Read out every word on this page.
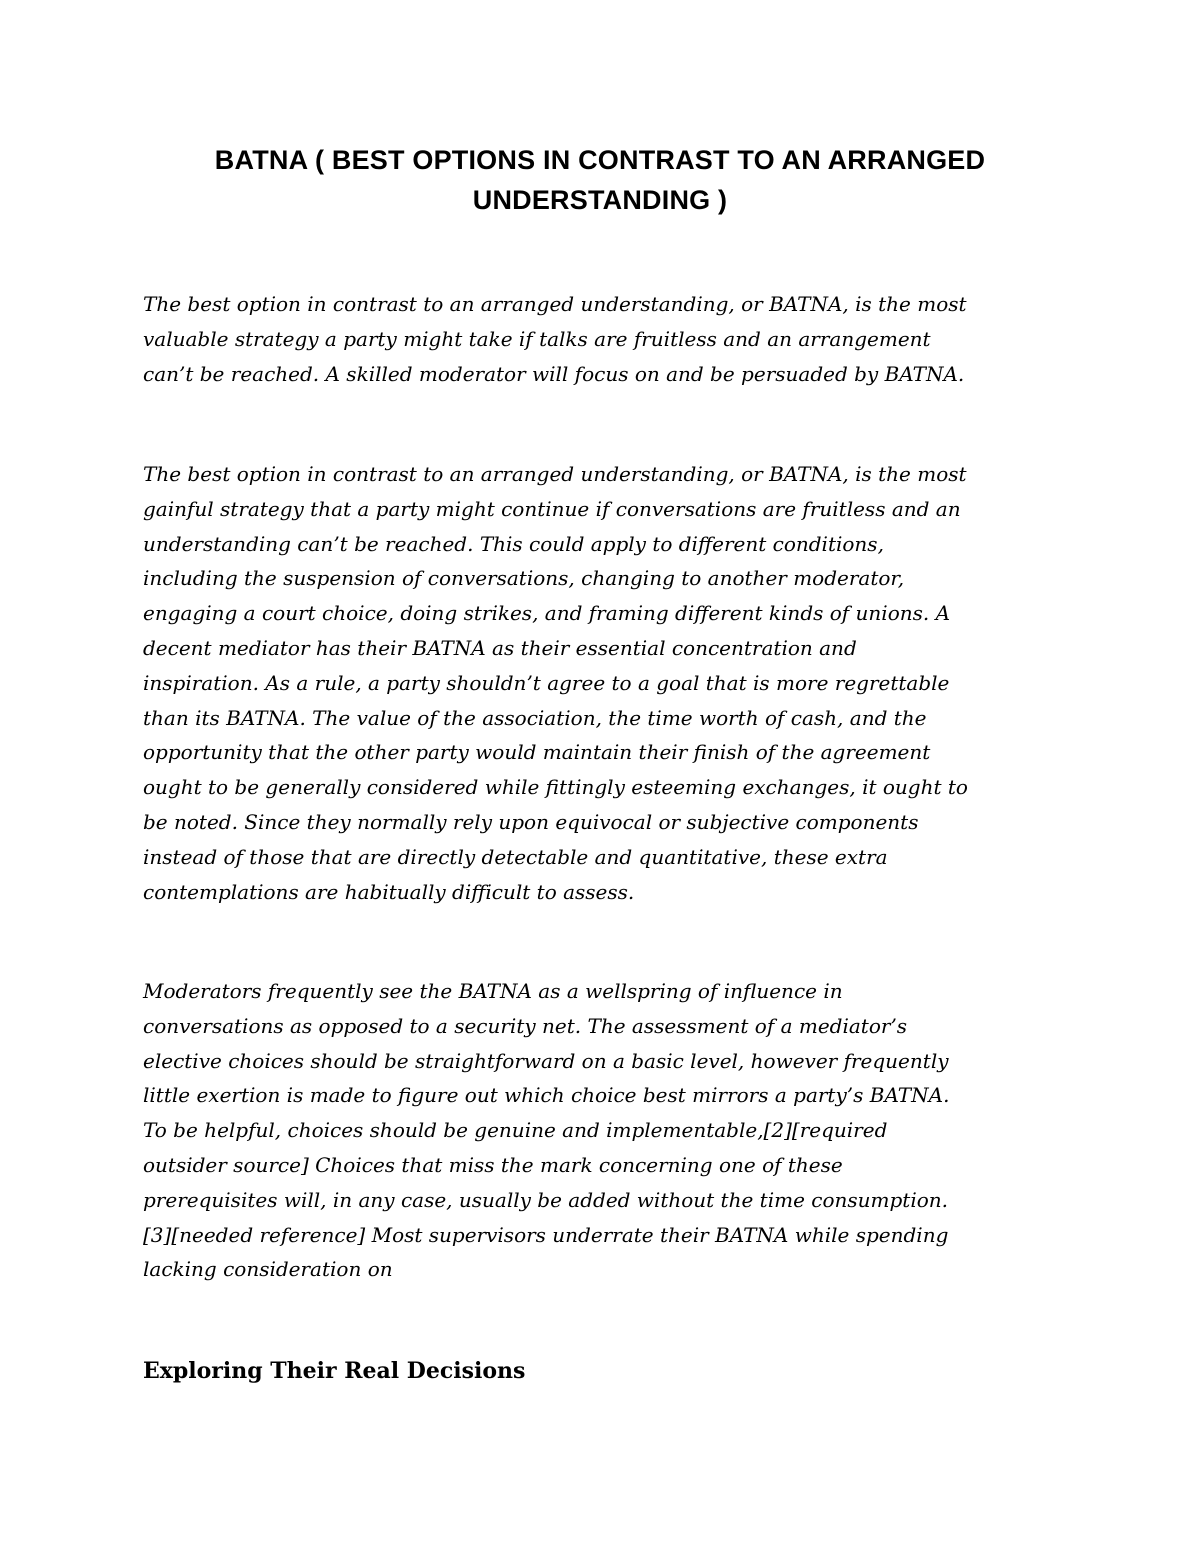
BATNA ( BEST OPTIONS IN CONTRAST TO AN ARRANGED
UNDERSTANDING )

The best option in contrast to an arranged understanding, or BATNA, is the most
valuable strategy a party might take if talks are fruitless and an arrangement
can’t be reached. A skilled moderator will focus on and be persuaded by BATNA.

The best option in contrast to an arranged understanding, or BATNA, is the most
gainful strategy that a party might continue if conversations are fruitless and an
understanding can’t be reached. This could apply to different conditions,
including the suspension of conversations, changing to another moderator,
engaging a court choice, doing strikes, and framing different kinds of unions. A
decent mediator has their BATNA as their essential concentration and
inspiration. As a rule, a party shouldn’t agree to a goal that is more regrettable
than its BATNA. The value of the association, the time worth of cash, and the
opportunity that the other party would maintain their finish of the agreement
ought to be generally considered while fittingly esteeming exchanges, it ought to
be noted. Since they normally rely upon equivocal or subjective components
instead of those that are directly detectable and quantitative, these extra
contemplations are habitually difficult to assess.

Moderators frequently see the BATNA as a wellspring of influence in
conversations as opposed to a security net. The assessment of a mediator’s
elective choices should be straightforward on a basic level, however frequently
little exertion is made to figure out which choice best mirrors a party’s BATNA.
To be helpful, choices should be genuine and implementable,[2][required
outsider source] Choices that miss the mark concerning one of these
prerequisites will, in any case, usually be added without the time consumption.
[3][needed reference] Most supervisors underrate their BATNA while spending
lacking consideration on

Exploring Their Real Decisions
